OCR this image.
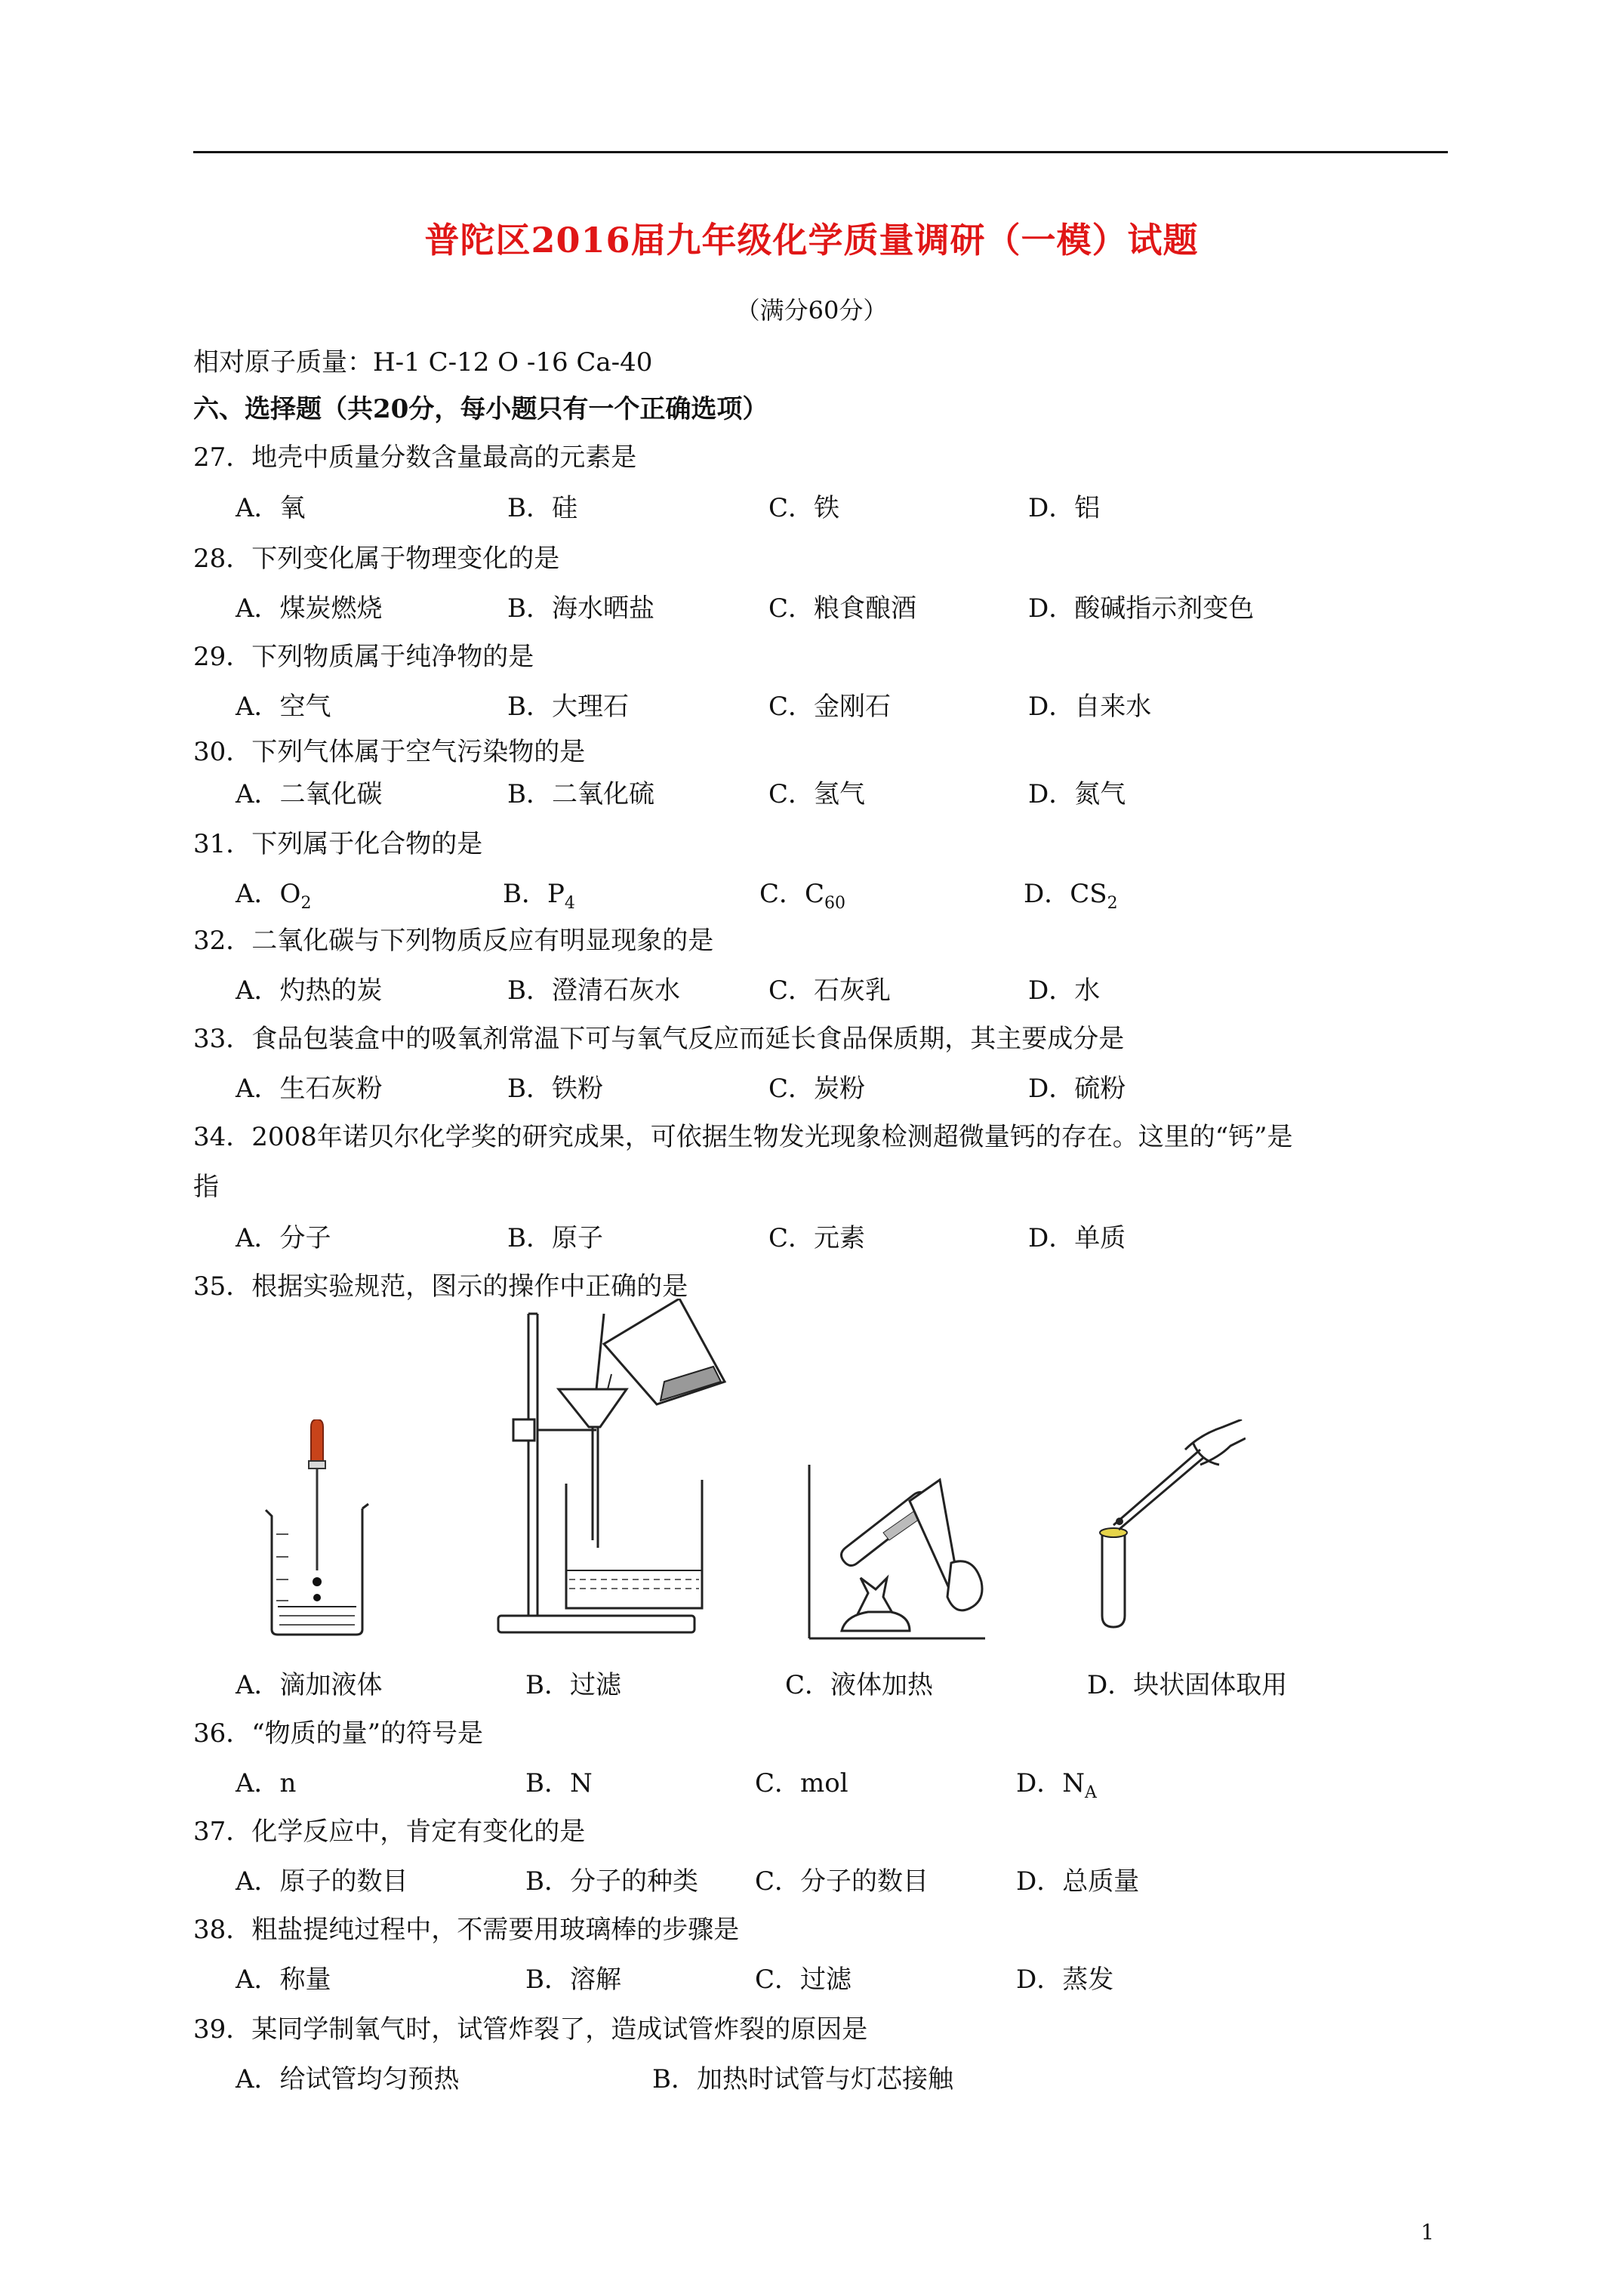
普陀区2016届九年级化学质量调研（一模）试题
（满分60分）
相对原子质量：H-1 C-12 O -16 Ca-40
六、选择题（共20分，每小题只有一个正确选项）
27．地壳中质量分数含量最高的元素是
A．氧	B．硅	C．铁	D．铝
28．下列变化属于物理变化的是
A．煤炭燃烧	B．海水晒盐	C．粮食酿酒	D．酸碱指示剂变色
29．下列物质属于纯净物的是
A．空气	B．大理石	C．金刚石	D．自来水
30．下列气体属于空气污染物的是
A．二氧化碳	B．二氧化硫	C．氢气	D．氮气
31．下列属于化合物的是
A．$O_2$	B．$P_4$	C．$C_{60}$	D．$CS_2$
32．二氧化碳与下列物质反应有明显现象的是
A．灼热的炭	B．澄清石灰水	C．石灰乳	D．水
33．食品包装盒中的吸氧剂常温下可与氧气反应而延长食品保质期，其主要成分是
A．生石灰粉	B．铁粉	C．炭粉	D．硫粉
34．2008年诺贝尔化学奖的研究成果，可依据生物发光现象检测超微量钙的存在。这里的“钙”是
指
A．分子	B．原子	C．元素	D．单质
35．根据实验规范，图示的操作中正确的是
A．滴加液体	B．过滤	C．液体加热	D．块状固体取用
36．“物质的量”的符号是
A．n	B．N	C．mol	D．$N_A$
37．化学反应中，肯定有变化的是
A．原子的数目	B．分子的种类 C．分子的数目	D．总质量
38．粗盐提纯过程中，不需要用玻璃棒的步骤是
A．称量	B．溶解	C．过滤	D．蒸发
39．某同学制氧气时，试管炸裂了，造成试管炸裂的原因是
A．给试管均匀预热	B．加热时试管与灯芯接触
1
